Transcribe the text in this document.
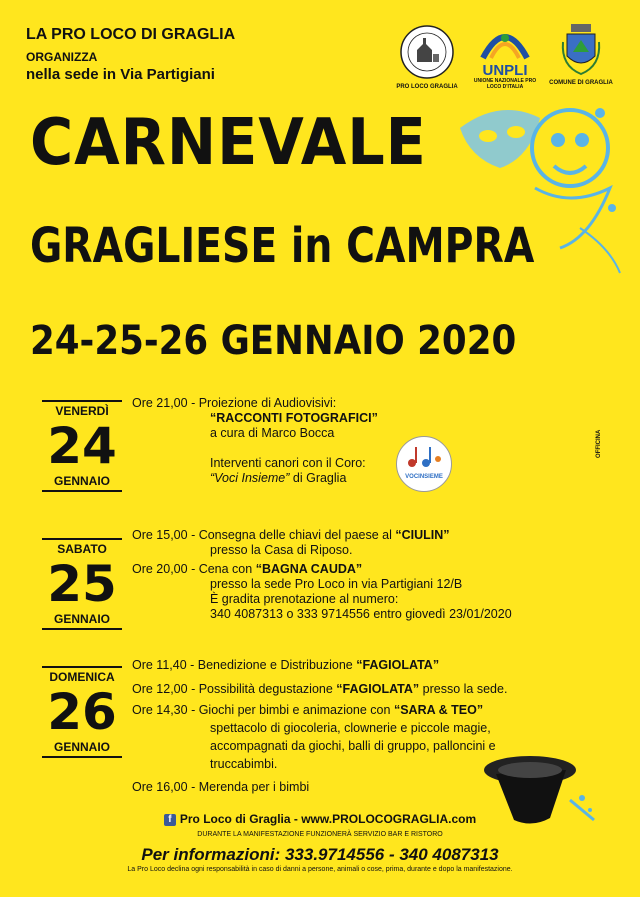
LA PRO LOCO DI GRAGLIA
ORGANIZZA
nella sede in Via Partigiani
PRO LOCO GRAGLIA
UNPLI
UNIONE NAZIONALE PRO LOCO D'ITALIA
COMUNE DI GRAGLIA
CARNEVALE
GRAGLIESE in CAMPRA
24-25-26 GENNAIO 2020
VENERDÌ
24
GENNAIO
SABATO
25
GENNAIO
DOMENICA
26
GENNAIO
Ore 21,00 - Proiezione di Audiovisivi:
“RACCONTI FOTOGRAFICI”
a cura di Marco Bocca
Interventi canori con il Coro:
“Voci Insieme” di Graglia	VOCINSIEME
OFFICINA
Ore 15,00 - Consegna delle chiavi del paese al “CIULIN”
presso la Casa di Riposo.
Ore 20,00 - Cena con “BAGNA CAUDA”
presso la sede Pro Loco in via Partigiani 12/B
È gradita prenotazione al numero:
340 4087313 o 333 9714556 entro giovedì 23/01/2020
Ore 11,40 - Benedizione e Distribuzione “FAGIOLATA”
Ore 12,00 - Possibilità degustazione “FAGIOLATA” presso la sede.
Ore 14,30 - Giochi per bimbi e animazione con “SARA & TEO”
spettacolo di giocoleria, clownerie e piccole magie,
accompagnati da giochi, balli di gruppo, palloncini e
truccabimbi.
Ore 16,00 - Merenda per i bimbi
f Pro Loco di Graglia - www.PROLOCOGRAGLIA.com
DURANTE LA MANIFESTAZIONE FUNZIONERÀ SERVIZIO BAR E RISTORO
Per informazioni: 333.9714556 - 340 4087313
La Pro Loco declina ogni responsabilità in caso di danni a persone, animali o cose, prima, durante e dopo la manifestazione.
